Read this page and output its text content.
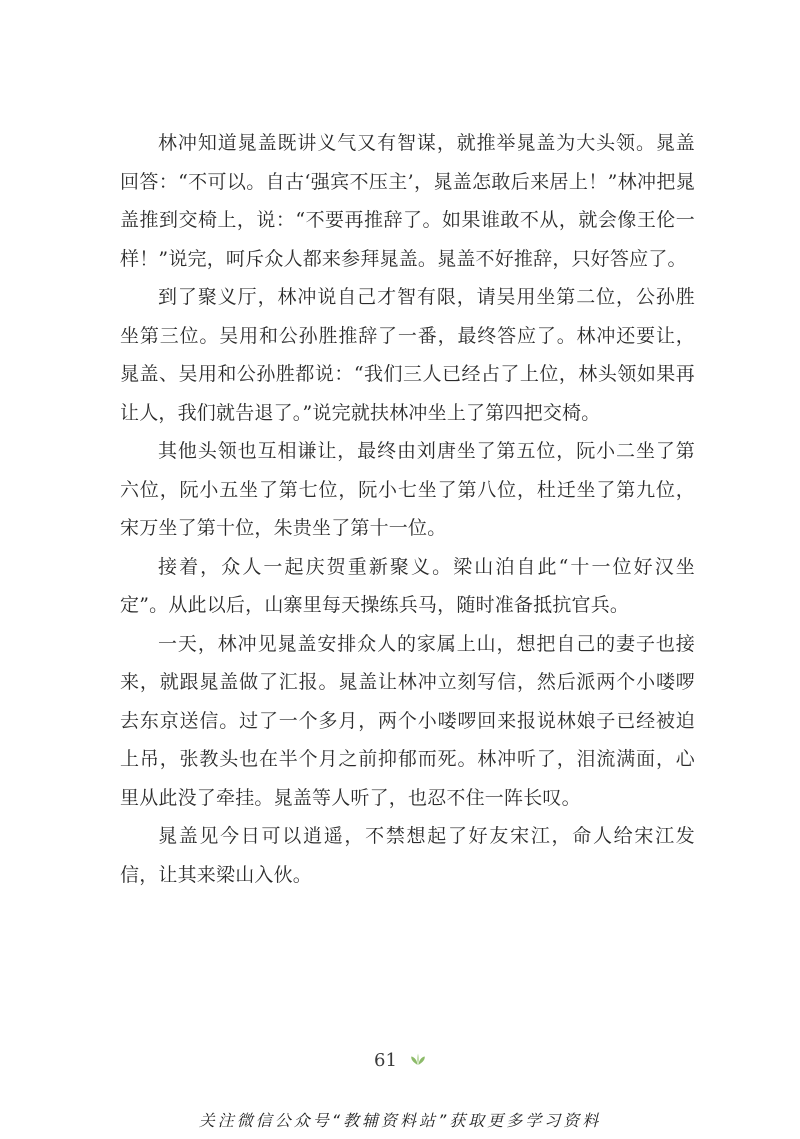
林冲知道晁盖既讲义气又有智谋，就推举晁盖为大头领。晁盖回答：“不可以。自古‘强宾不压主’，晁盖怎敢后来居上！”林冲把晁盖推到交椅上，说：“不要再推辞了。如果谁敢不从，就会像王伦一样！”说完，呵斥众人都来参拜晁盖。晁盖不好推辞，只好答应了。

到了聚义厅，林冲说自己才智有限，请吴用坐第二位，公孙胜坐第三位。吴用和公孙胜推辞了一番，最终答应了。林冲还要让，晁盖、吴用和公孙胜都说：“我们三人已经占了上位，林头领如果再让人，我们就告退了。”说完就扶林冲坐上了第四把交椅。

其他头领也互相谦让，最终由刘唐坐了第五位，阮小二坐了第六位，阮小五坐了第七位，阮小七坐了第八位，杜迁坐了第九位，宋万坐了第十位，朱贵坐了第十一位。

接着，众人一起庆贺重新聚义。梁山泊自此“十一位好汉坐定”。从此以后，山寨里每天操练兵马，随时准备抵抗官兵。

一天，林冲见晁盖安排众人的家属上山，想把自己的妻子也接来，就跟晁盖做了汇报。晁盖让林冲立刻写信，然后派两个小喽啰去东京送信。过了一个多月，两个小喽啰回来报说林娘子已经被迫上吊，张教头也在半个月之前抑郁而死。林冲听了，泪流满面，心里从此没了牵挂。晁盖等人听了，也忍不住一阵长叹。

晁盖见今日可以逍遥，不禁想起了好友宋江，命人给宋江发信，让其来梁山入伙。

61
关注微信公众号“教辅资料站”获取更多学习资料
